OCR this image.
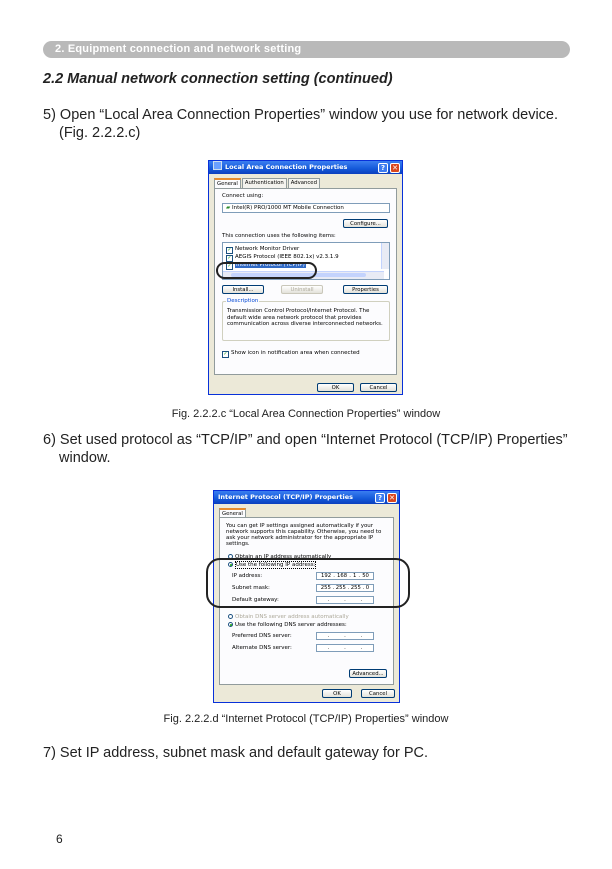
2. Equipment connection and network setting
2.2 Manual network connection setting (continued)
5) Open “Local Area Connection Properties” window you use for network device.
(Fig. 2.2.2.c)
Local Area Connection Properties	?	✕
General	Authentication	Advanced
Connect using:
▰ Intel(R) PRO/1000 MT Mobile Connection
Configure...
This connection uses the following items:
✓ Network Monitor Driver
✓ AEGIS Protocol (IEEE 802.1x) v2.3.1.9
✓ Internet Protocol (TCP/IP)
Install...	Uninstall	Properties
Description
Transmission Control Protocol/Internet Protocol. The default wide area network protocol that provides communication across diverse interconnected networks.
✓ Show icon in notification area when connected
OK	Cancel
Fig. 2.2.2.c “Local Area Connection Properties” window
6) Set used protocol as “TCP/IP” and open “Internet Protocol (TCP/IP) Properties”
window.
Internet Protocol (TCP/IP) Properties	?	✕
General
You can get IP settings assigned automatically if your network supports this capability. Otherwise, you need to ask your network administrator for the appropriate IP settings.
Obtain an IP address automatically
Use the following IP address:
IP address:	192 . 168 . 1 . 50
Subnet mask:	255 . 255 . 255 . 0
Default gateway:	.	.	.
Obtain DNS server address automatically
Use the following DNS server addresses:
Preferred DNS server:	.	.	.
Alternate DNS server:	.	.	.
Advanced...
OK	Cancel
Fig. 2.2.2.d “Internet Protocol (TCP/IP) Properties” window
7) Set IP address, subnet mask and default gateway for PC.
6
